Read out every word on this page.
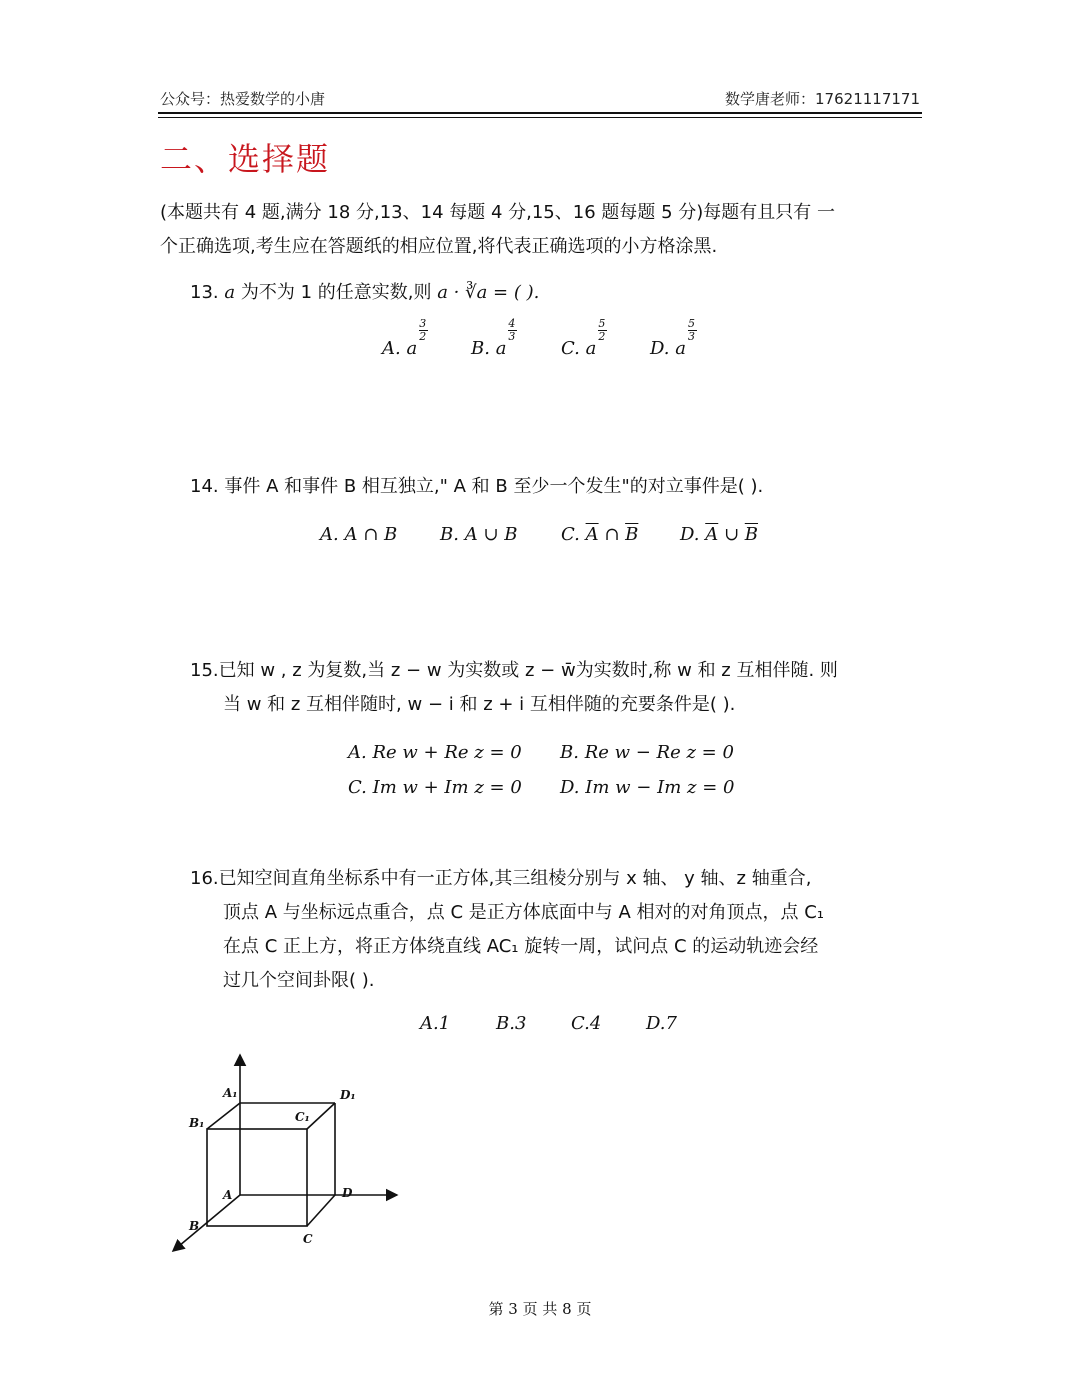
公众号：热爱数学的小唐	数学唐老师：17621117171
二、选择题
(本题共有 4 题,满分 18 分,13、14 每题 4 分,15、16 题每题 5 分)每题有且只有 一
个正确选项,考生应在答题纸的相应位置,将代表正确选项的小方格涂黑.
13. a 为不为 1 的任意实数,则 a · ∛a = ( ).
A. a $\frac{3}{2} B$. a $\frac{4}{3} C$. a $\frac{5}{2} D$. a $\frac{5}{3}$
14. 事件 A 和事件 B 相互独立," A 和 B 至少一个发生"的对立事件是( ).
A. A ∩ B B. A ∪ B C. $\overline{A}$ ∩ $\overline{B}$ D. $\overline{A}$ ∪ $\overline{B}$
15.已知 w , z 为复数,当 z − w 为实数或 z − w̄为实数时,称 w 和 z 互相伴随. 则
当 w 和 z 互相伴随时, w − i 和 z + i 互相伴随的充要条件是( ).
A. Re w + Re z = 0 B. Re w − Re z = 0
C. Im w + Im z = 0 D. Im w − Im z = 0
16.已知空间直角坐标系中有一正方体,其三组棱分别与 x 轴、 y 轴、z 轴重合,
顶点 A 与坐标远点重合，点 C 是正方体底面中与 A 相对的对角顶点，点 C₁
在点 C 正上方，将正方体绕直线 AC₁ 旋转一周，试问点 C 的运动轨迹会经
过几个空间卦限( ).
A.1	B.3 C.4 D.7
A₁	D₁
B₁	C₁
A	D
B
C
第 3 页 共 8 页
